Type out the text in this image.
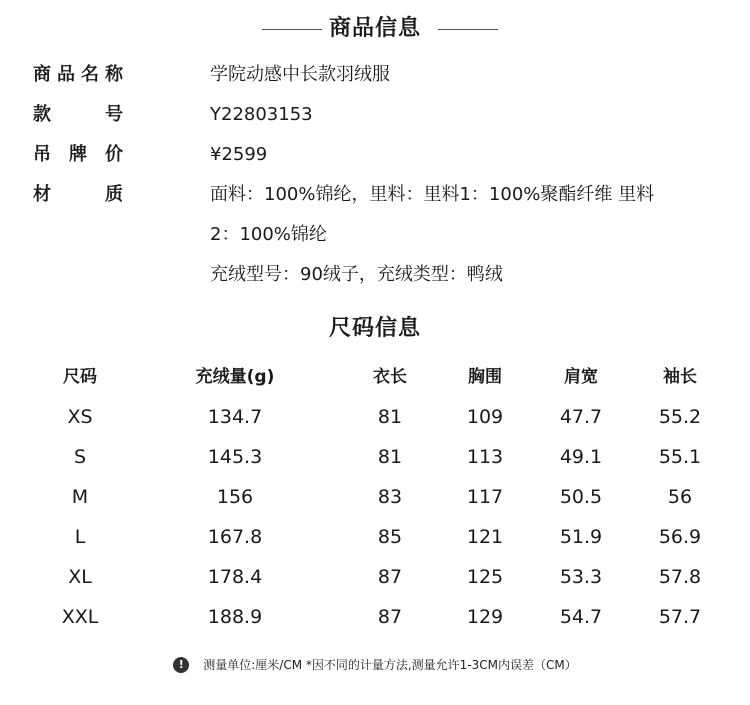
商品信息
商 品 名 称	学院动感中长款羽绒服
款	号	Y22803153
吊 牌 价	¥2599
材	质	面料：100%锦纶，里料：里料1：100%聚酯纤维 里料
2：100%锦纶
充绒型号：90绒子，充绒类型：鸭绒
尺码信息
尺码	充绒量(g)	衣长	胸围	肩宽	袖长
XS	134.7	81	109	47.7	55.2
S	145.3	81	113	49.1	55.1
M	156	83	117	50.5	56
L	167.8	85	121	51.9	56.9
XL	178.4	87	125	53.3	57.8
XXL	188.9	87	129	54.7	57.7
!	测量单位:厘米/CM *因不同的计量方法,测量允许1-3CM内误差（CM）
